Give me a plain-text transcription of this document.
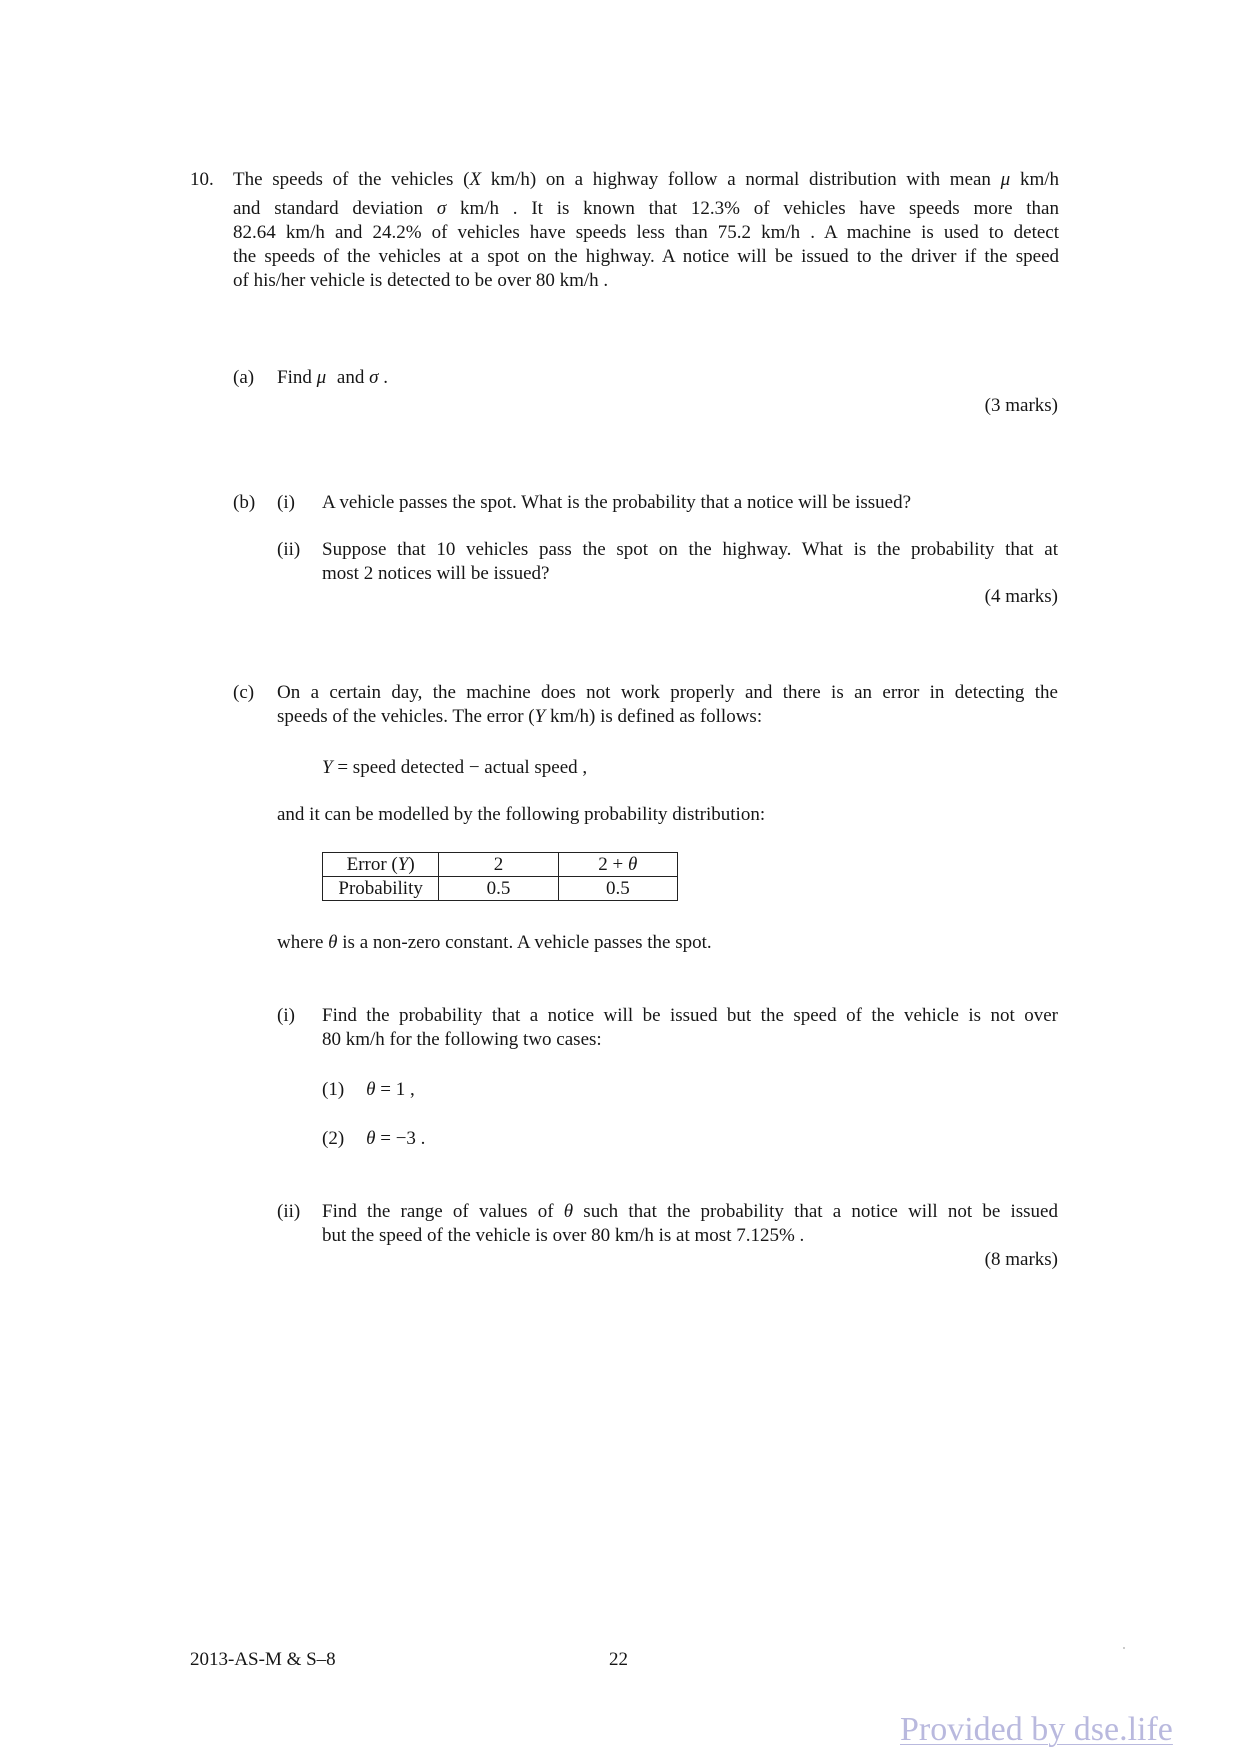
10. The speeds of the vehicles (X km/h) on a highway follow a normal distribution with mean μ km/h
and standard deviation σ km/h . It is known that 12.3% of vehicles have speeds more than
82.64 km/h and 24.2% of vehicles have speeds less than 75.2 km/h . A machine is used to detect
the speeds of the vehicles at a spot on the highway. A notice will be issued to the driver if the speed
of his/her vehicle is detected to be over 80 km/h .
(a) Find μ and σ .
(3 marks)
(b) (i) A vehicle passes the spot. What is the probability that a notice will be issued?
(ii) Suppose that 10 vehicles pass the spot on the highway. What is the probability that at
most 2 notices will be issued?
(4 marks)
(c) On a certain day, the machine does not work properly and there is an error in detecting the
speeds of the vehicles. The error (Y km/h) is defined as follows:
Y = speed detected − actual speed ,
and it can be modelled by the following probability distribution:
Error (Y)	2	2 + θ
Probability	0.5	0.5
where θ is a non-zero constant. A vehicle passes the spot.
(i) Find the probability that a notice will be issued but the speed of the vehicle is not over
80 km/h for the following two cases:
(1) θ = 1 ,
(2) θ = −3 .
(ii) Find the range of values of θ such that the probability that a notice will not be issued
but the speed of the vehicle is over 80 km/h is at most 7.125% .
(8 marks)
2013-AS-M & S–8	22
Provided by dse.life
